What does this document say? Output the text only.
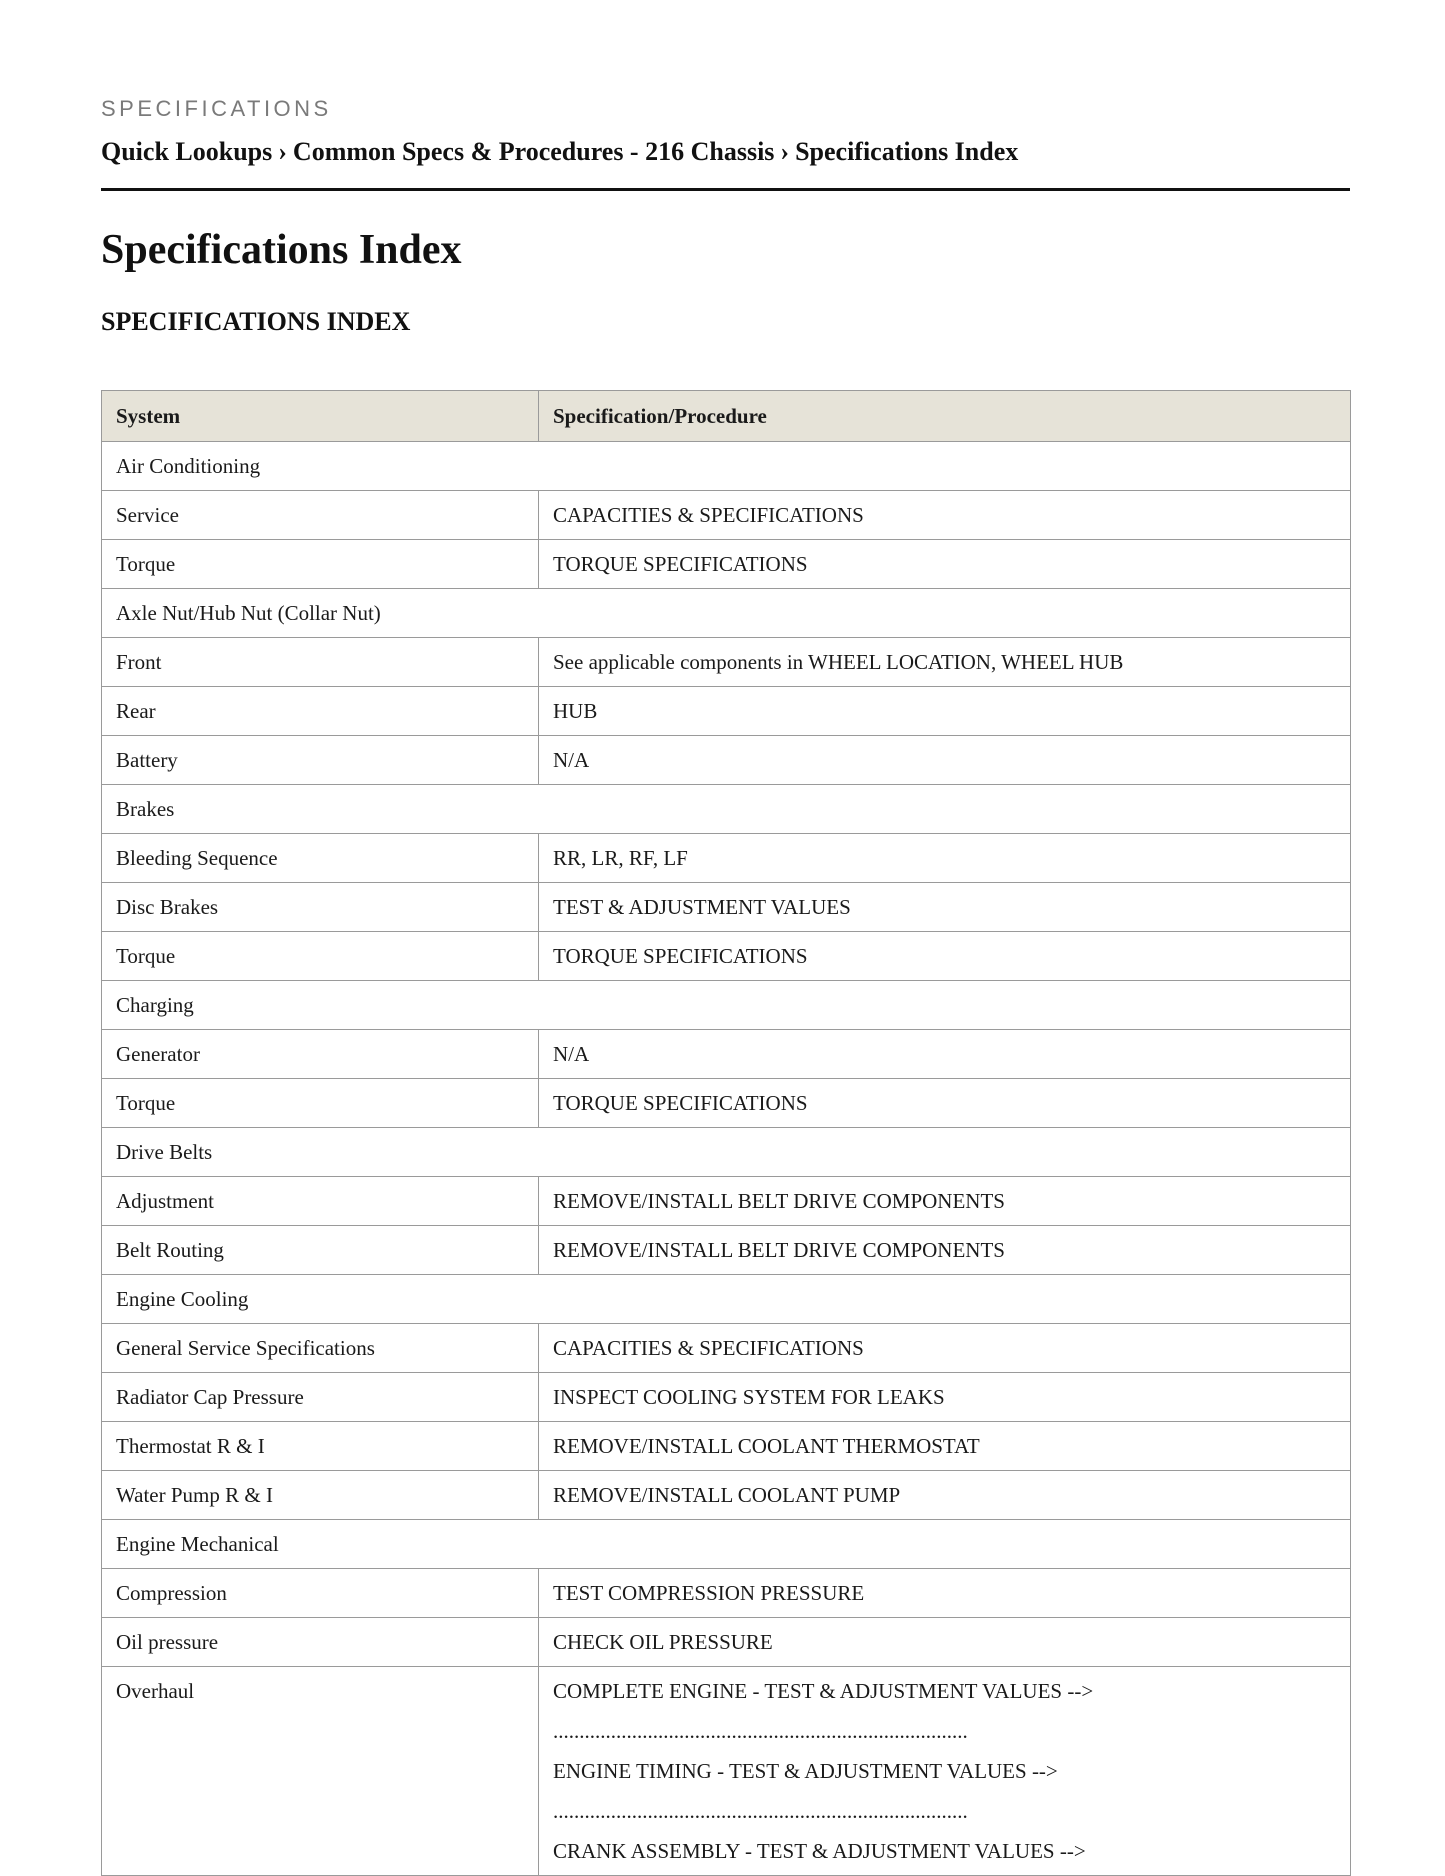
SPECIFICATIONS
Quick Lookups › Common Specs & Procedures - 216 Chassis › Specifications Index
Specifications Index
SPECIFICATIONS INDEX
System	Specification/Procedure
Air Conditioning	
Service	CAPACITIES & SPECIFICATIONS
Torque	TORQUE SPECIFICATIONS
Axle Nut/Hub Nut (Collar Nut)	
Front	See applicable components in WHEEL LOCATION, WHEEL HUB
Rear	HUB
Battery	N/A
Brakes	
Bleeding Sequence	RR, LR, RF, LF
Disc Brakes	TEST & ADJUSTMENT VALUES
Torque	TORQUE SPECIFICATIONS
Charging	
Generator	N/A
Torque	TORQUE SPECIFICATIONS
Drive Belts	
Adjustment	REMOVE/INSTALL BELT DRIVE COMPONENTS
Belt Routing	REMOVE/INSTALL BELT DRIVE COMPONENTS
Engine Cooling	
General Service Specifications	CAPACITIES & SPECIFICATIONS
Radiator Cap Pressure	INSPECT COOLING SYSTEM FOR LEAKS
Thermostat R & I	REMOVE/INSTALL COOLANT THERMOSTAT
Water Pump R & I	REMOVE/INSTALL COOLANT PUMP
Engine Mechanical	
Compression	TEST COMPRESSION PRESSURE
Oil pressure	CHECK OIL PRESSURE
Overhaul	COMPLETE ENGINE - TEST & ADJUSTMENT VALUES -->
...............................................................................
ENGINE TIMING - TEST & ADJUSTMENT VALUES -->
...............................................................................
CRANK ASSEMBLY - TEST & ADJUSTMENT VALUES -->
